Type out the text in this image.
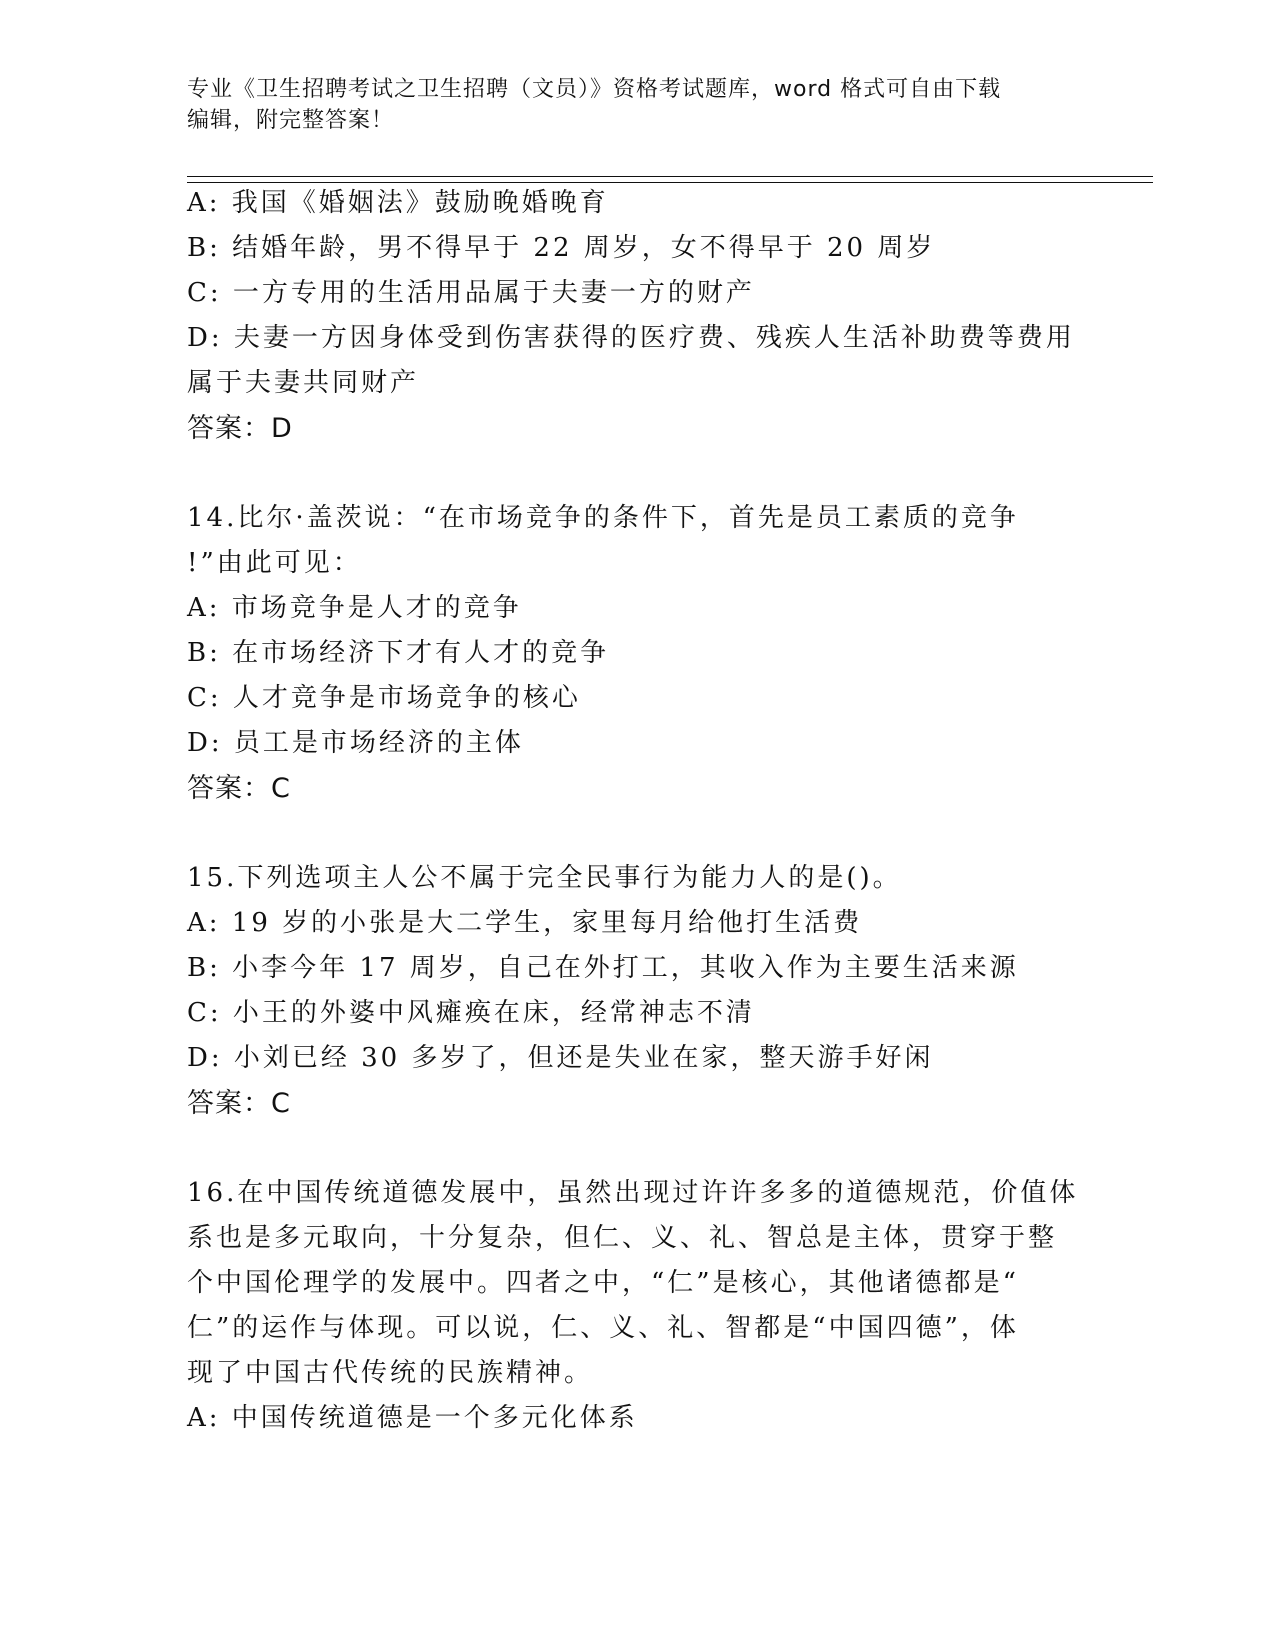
专业《卫生招聘考试之卫生招聘（文员）》资格考试题库，word 格式可自由下载
编辑，附完整答案！
A: 我国《婚姻法》鼓励晚婚晚育
B: 结婚年龄，男不得早于 22 周岁，女不得早于 20 周岁
C: 一方专用的生活用品属于夫妻一方的财产
D: 夫妻一方因身体受到伤害获得的医疗费、残疾人生活补助费等费用
属于夫妻共同财产
答案：D
14.比尔·盖茨说：“在市场竞争的条件下，首先是员工素质的竞争
!”由此可见：
A: 市场竞争是人才的竞争
B: 在市场经济下才有人才的竞争
C: 人才竞争是市场竞争的核心
D: 员工是市场经济的主体
答案：C
15.下列选项主人公不属于完全民事行为能力人的是()。
A: 19 岁的小张是大二学生，家里每月给他打生活费
B: 小李今年 17 周岁，自己在外打工，其收入作为主要生活来源
C: 小王的外婆中风瘫痪在床，经常神志不清
D: 小刘已经 30 多岁了，但还是失业在家，整天游手好闲
答案：C
16.在中国传统道德发展中，虽然出现过许许多多的道德规范，价值体
系也是多元取向，十分复杂，但仁、义、礼、智总是主体，贯穿于整
个中国伦理学的发展中。四者之中，“仁”是核心，其他诸德都是“
仁”的运作与体现。可以说，仁、义、礼、智都是“中国四德”，体
现了中国古代传统的民族精神。
A: 中国传统道德是一个多元化体系
